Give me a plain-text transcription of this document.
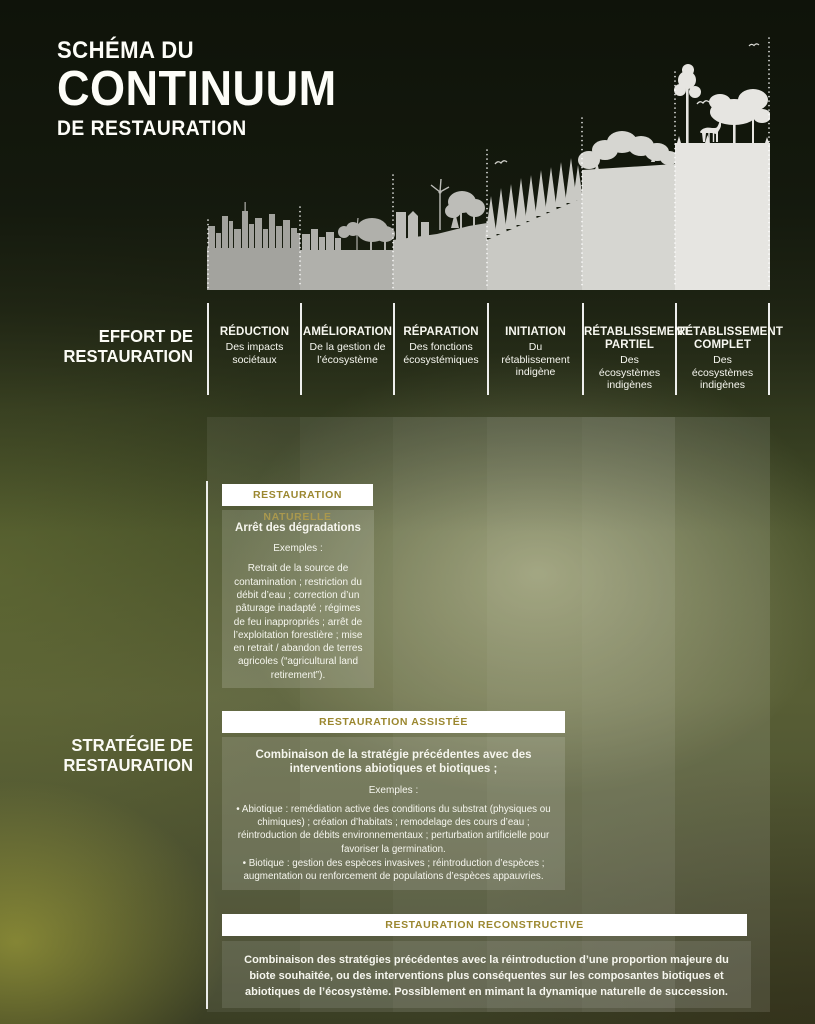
SCHÉMA DU
CONTINUUM
DE RESTAURATION
EFFORT DE
RESTAURATION
RÉDUCTION
Des impacts sociétaux
AMÉLIORATION
De la gestion de l’écosystème
RÉPARATION
Des fonctions écosystémiques
INITIATION
Du rétablissement indigène
RÉTABLISSEMENT PARTIEL
Des écosystèmes indigènes
RÉTABLISSEMENT COMPLET
Des écosystèmes indigènes
STRATÉGIE DE
RESTAURATION
RESTAURATION NATURELLE
Arrêt des dégradations
Exemples :
Retrait de la source de contamination ; restriction du débit d’eau ; correction d’un pâturage inadapté ; régimes de feu inappropriés ; arrêt de l’exploitation forestière ; mise en retrait / abandon de terres agricoles (“agricultural land retirement”).
RESTAURATION ASSISTÉE
Combinaison de la stratégie précédentes avec des interventions abiotiques et biotiques ;
Exemples :
• Abiotique : remédiation active des conditions du substrat (physiques ou chimiques) ; création d’habitats ; remodelage des cours d’eau ; réintroduction de débits environnementaux ; perturbation artificielle pour favoriser la germination.
• Biotique : gestion des espèces invasives ; réintroduction d’espèces ; augmentation ou renforcement de populations d’espèces appauvries.
RESTAURATION RECONSTRUCTIVE
Combinaison des stratégies précédentes avec la réintroduction d’une proportion majeure du biote souhaitée, ou des interventions plus conséquentes sur les composantes biotiques et abiotiques de l’écosystème. Possiblement en mimant la dynamique naturelle de succession.
